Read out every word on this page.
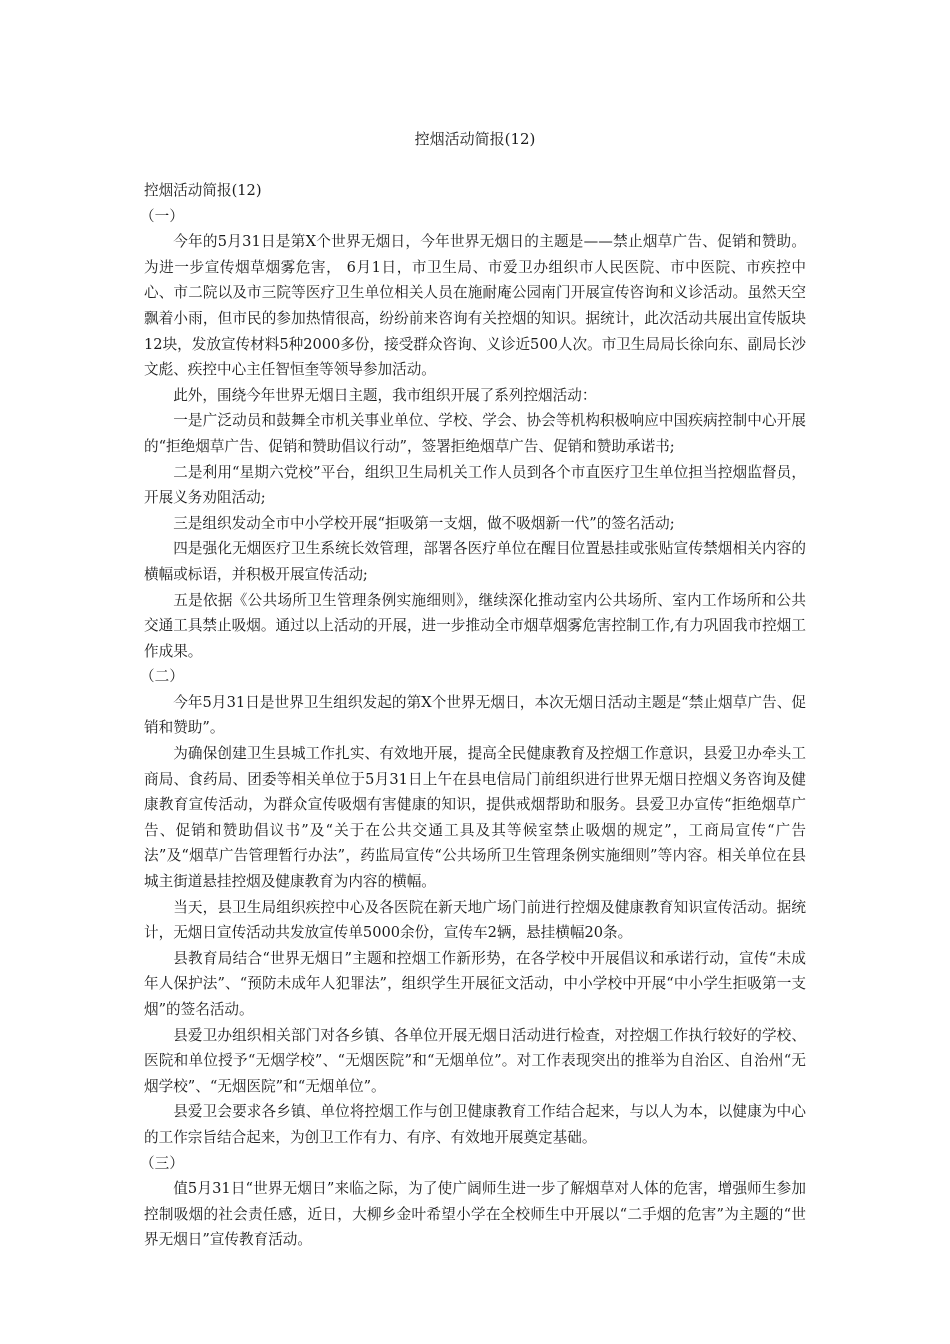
控烟活动简报(12)

控烟活动简报(12)

（一）

今年的5月31日是第X个世界无烟日，今年世界无烟日的主题是——禁止烟草广告、促销和赞助。为进一步宣传烟草烟雾危害， 6月1日，市卫生局、市爱卫办组织市人民医院、市中医院、市疾控中心、市二院以及市三院等医疗卫生单位相关人员在施耐庵公园南门开展宣传咨询和义诊活动。虽然天空飘着小雨，但市民的参加热情很高，纷纷前来咨询有关控烟的知识。据统计，此次活动共展出宣传版块12块，发放宣传材料5种2000多份，接受群众咨询、义诊近500人次。市卫生局局长徐向东、副局长沙文彪、疾控中心主任智恒奎等领导参加活动。

此外，围绕今年世界无烟日主题，我市组织开展了系列控烟活动：

一是广泛动员和鼓舞全市机关事业单位、学校、学会、协会等机构积极响应中国疾病控制中心开展的“拒绝烟草广告、促销和赞助倡议行动”，签署拒绝烟草广告、促销和赞助承诺书;

二是利用“星期六党校”平台，组织卫生局机关工作人员到各个市直医疗卫生单位担当控烟监督员，开展义务劝阻活动;

三是组织发动全市中小学校开展“拒吸第一支烟，做不吸烟新一代”的签名活动;

四是强化无烟医疗卫生系统长效管理，部署各医疗单位在醒目位置悬挂或张贴宣传禁烟相关内容的横幅或标语，并积极开展宣传活动;

五是依据《公共场所卫生管理条例实施细则》，继续深化推动室内公共场所、室内工作场所和公共交通工具禁止吸烟。通过以上活动的开展，进一步推动全市烟草烟雾危害控制工作,有力巩固我市控烟工作成果。

（二）

今年5月31日是世界卫生组织发起的第X个世界无烟日，本次无烟日活动主题是“禁止烟草广告、促销和赞助”。

为确保创建卫生县城工作扎实、有效地开展，提高全民健康教育及控烟工作意识，县爱卫办牵头工商局、食药局、团委等相关单位于5月31日上午在县电信局门前组织进行世界无烟日控烟义务咨询及健康教育宣传活动，为群众宣传吸烟有害健康的知识，提供戒烟帮助和服务。县爱卫办宣传“拒绝烟草广告、促销和赞助倡议书”及“关于在公共交通工具及其等候室禁止吸烟的规定”，工商局宣传“广告法”及“烟草广告管理暂行办法”，药监局宣传“公共场所卫生管理条例实施细则”等内容。相关单位在县城主街道悬挂控烟及健康教育为内容的横幅。

当天，县卫生局组织疾控中心及各医院在新天地广场门前进行控烟及健康教育知识宣传活动。据统计，无烟日宣传活动共发放宣传单5000余份，宣传车2辆，悬挂横幅20条。

县教育局结合“世界无烟日”主题和控烟工作新形势，在各学校中开展倡议和承诺行动，宣传“未成年人保护法”、“预防未成年人犯罪法”，组织学生开展征文活动，中小学校中开展“中小学生拒吸第一支烟”的签名活动。

县爱卫办组织相关部门对各乡镇、各单位开展无烟日活动进行检查，对控烟工作执行较好的学校、医院和单位授予“无烟学校”、“无烟医院”和“无烟单位”。对工作表现突出的推举为自治区、自治州“无烟学校”、“无烟医院”和“无烟单位”。

县爱卫会要求各乡镇、单位将控烟工作与创卫健康教育工作结合起来，与以人为本，以健康为中心的工作宗旨结合起来，为创卫工作有力、有序、有效地开展奠定基础。

（三）

值5月31日“世界无烟日”来临之际，为了使广阔师生进一步了解烟草对人体的危害，增强师生参加控制吸烟的社会责任感，近日，大柳乡金叶希望小学在全校师生中开展以“二手烟的危害”为主题的“世界无烟日”宣传教育活动。
